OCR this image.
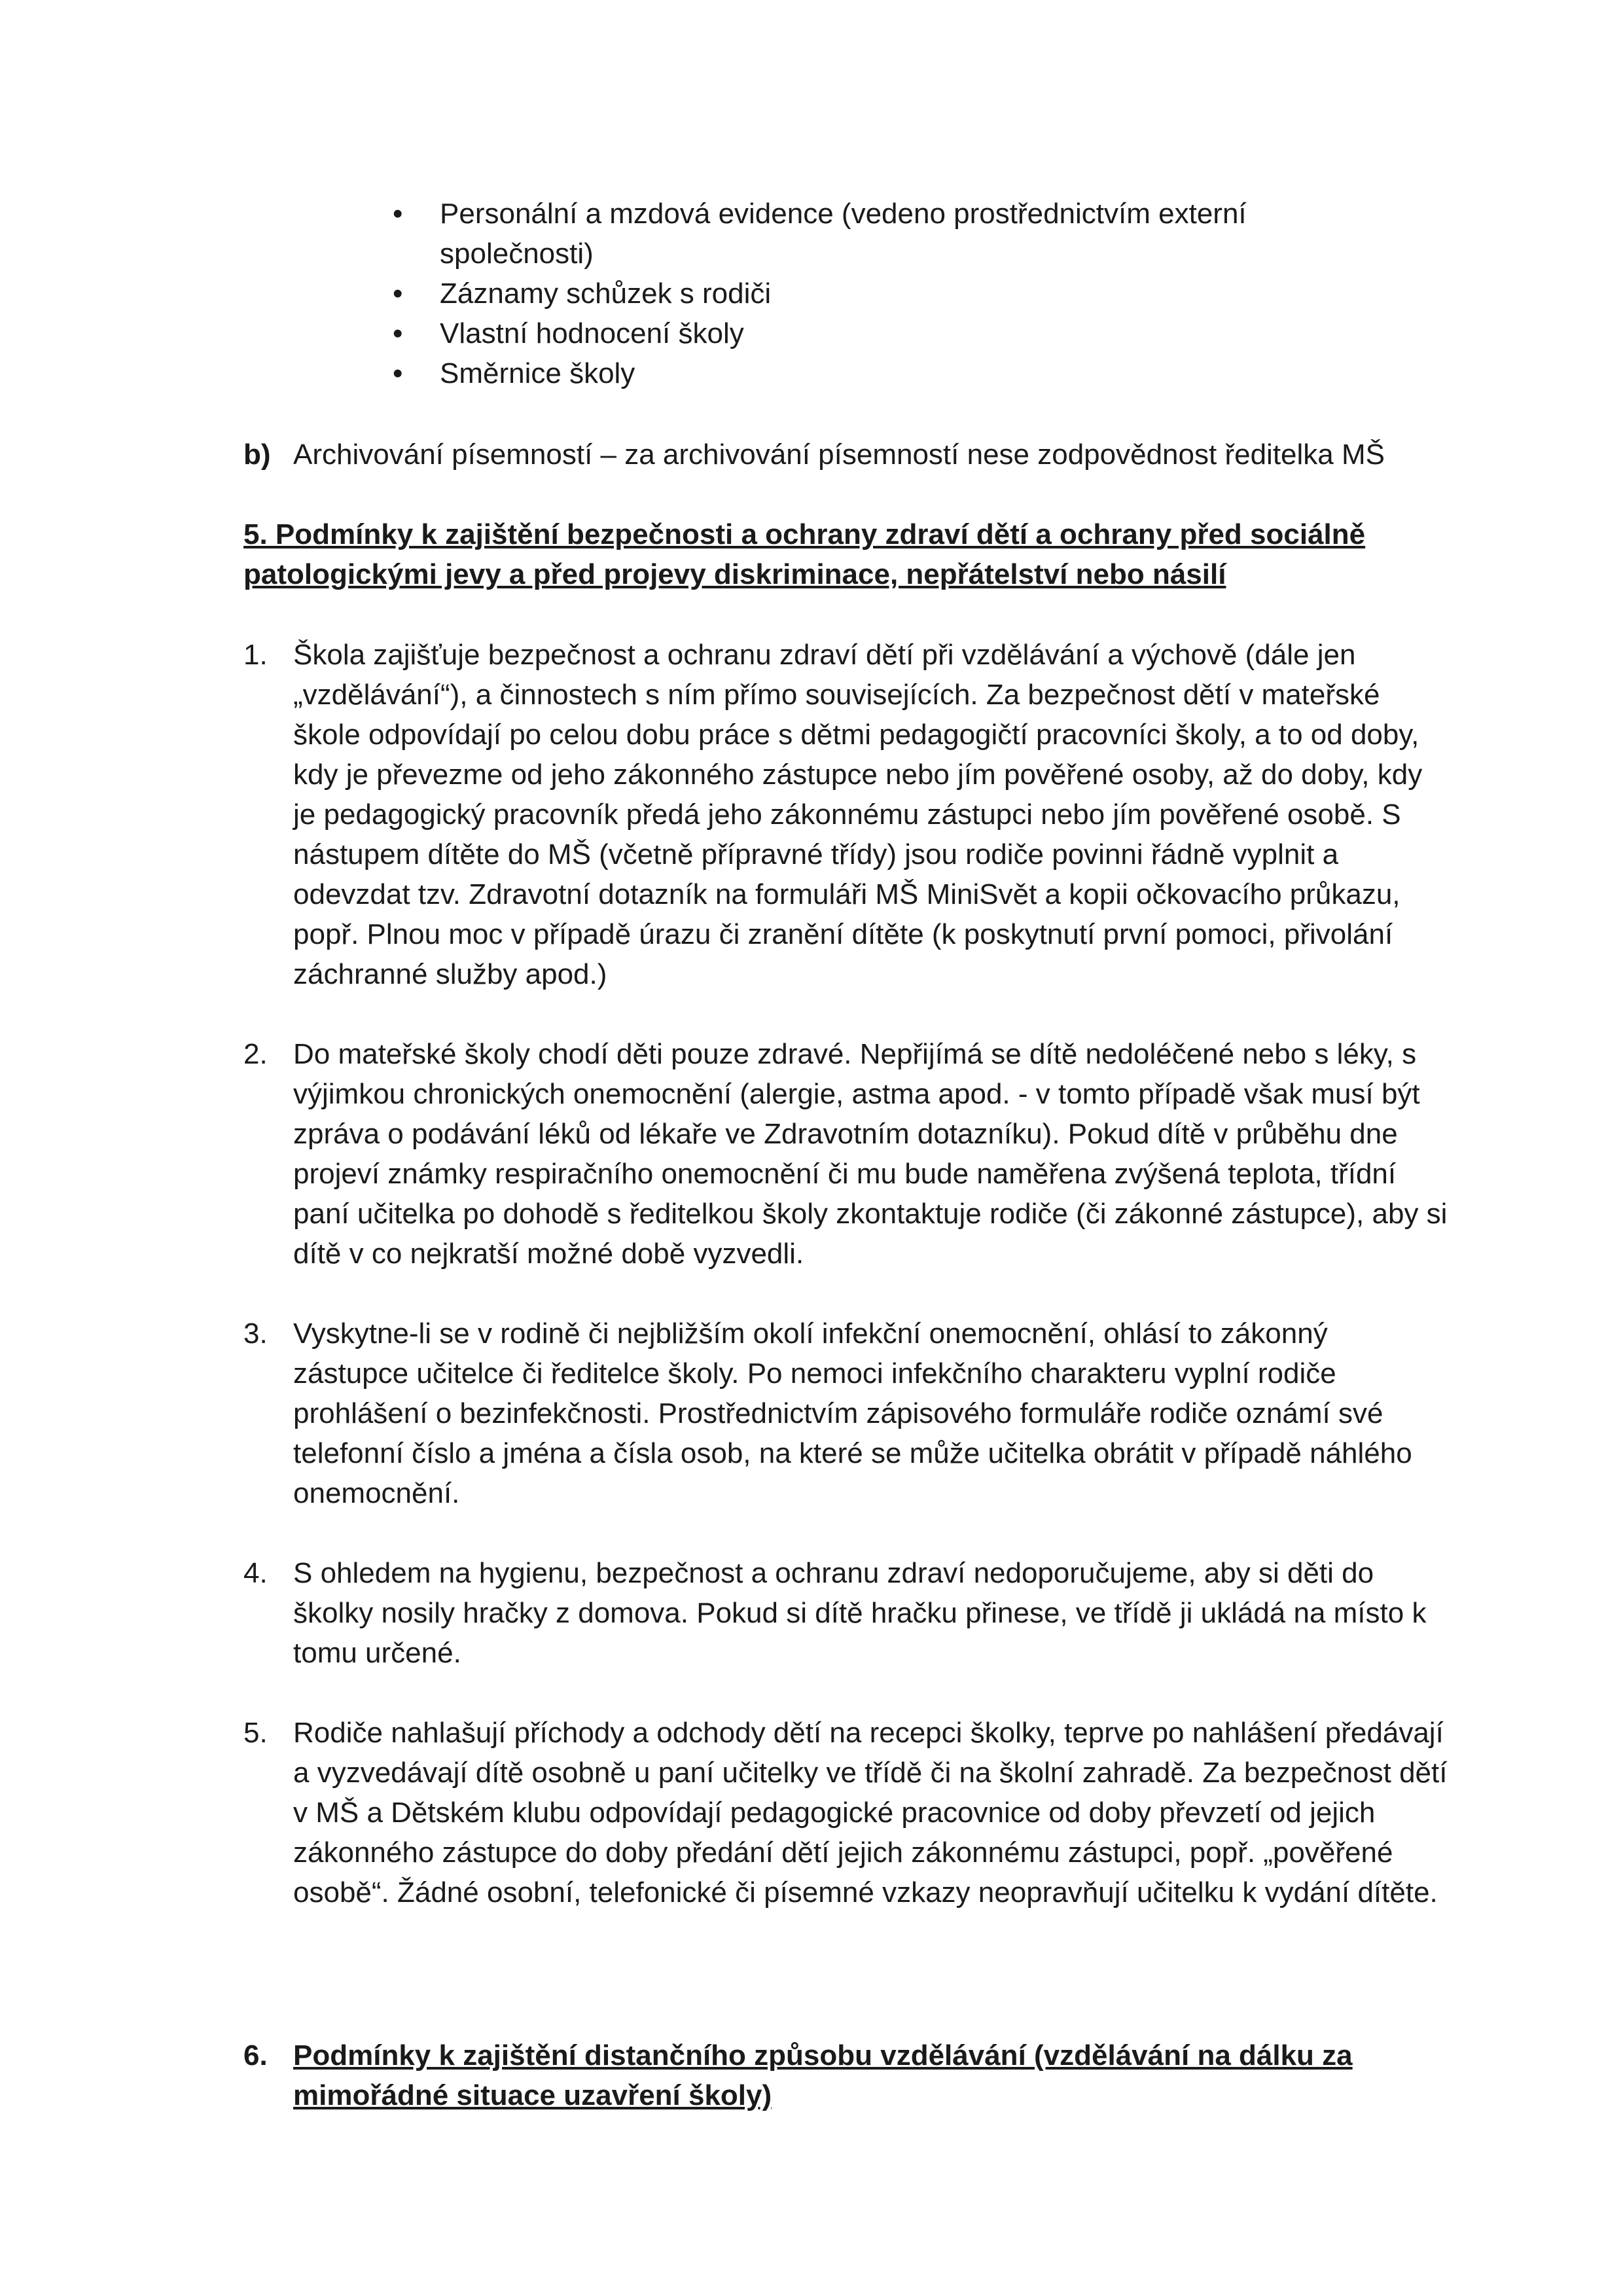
•	Personální a mzdová evidence (vedeno prostřednictvím externí společnosti)
•	Záznamy schůzek s rodiči
•	Vlastní hodnocení školy
•	Směrnice školy
b) Archivování písemností – za archivování písemností nese zodpovědnost ředitelka MŠ
5. Podmínky k zajištění bezpečnosti a ochrany zdraví dětí a ochrany před sociálně patologickými jevy a před projevy diskriminace, nepřátelství nebo násilí
1. Škola zajišťuje bezpečnost a ochranu zdraví dětí při vzdělávání a výchově (dále jen „vzdělávání“), a činnostech s ním přímo souvisejících. Za bezpečnost dětí v mateřské škole odpovídají po celou dobu práce s dětmi pedagogičtí pracovníci školy, a to od doby, kdy je převezme od jeho zákonného zástupce nebo jím pověřené osoby, až do doby, kdy je pedagogický pracovník předá jeho zákonnému zástupci nebo jím pověřené osobě. S nástupem dítěte do MŠ (včetně přípravné třídy) jsou rodiče povinni řádně vyplnit a odevzdat tzv. Zdravotní dotazník na formuláři MŠ MiniSvět a kopii očkovacího průkazu, popř. Plnou moc v případě úrazu či zranění dítěte (k poskytnutí první pomoci, přivolání záchranné služby apod.)
2. Do mateřské školy chodí děti pouze zdravé. Nepřijímá se dítě nedoléčené nebo s léky, s výjimkou chronických onemocnění (alergie, astma apod. - v tomto případě však musí být zpráva o podávání léků od lékaře ve Zdravotním dotazníku). Pokud dítě v průběhu dne projeví známky respiračního onemocnění či mu bude naměřena zvýšená teplota, třídní paní učitelka po dohodě s ředitelkou školy zkontaktuje rodiče (či zákonné zástupce), aby si dítě v co nejkratší možné době vyzvedli.
3. Vyskytne-li se v rodině či nejbližším okolí infekční onemocnění, ohlásí to zákonný zástupce učitelce či ředitelce školy. Po nemoci infekčního charakteru vyplní rodiče prohlášení o bezinfekčnosti. Prostřednictvím zápisového formuláře rodiče oznámí své telefonní číslo a jména a čísla osob, na které se může učitelka obrátit v případě náhlého onemocnění.
4. S ohledem na hygienu, bezpečnost a ochranu zdraví nedoporučujeme, aby si děti do školky nosily hračky z domova. Pokud si dítě hračku přinese, ve třídě ji ukládá na místo k tomu určené.
5. Rodiče nahlašují příchody a odchody dětí na recepci školky, teprve po nahlášení předávají a vyzvedávají dítě osobně u paní učitelky ve třídě či na školní zahradě. Za bezpečnost dětí v MŠ a Dětském klubu odpovídají pedagogické pracovnice od doby převzetí od jejich zákonného zástupce do doby předání dětí jejich zákonnému zástupci, popř. „pověřené osobě“. Žádné osobní, telefonické či písemné vzkazy neopravňují učitelku k vydání dítěte.
6. Podmínky k zajištění distančního způsobu vzdělávání (vzdělávání na dálku za mimořádné situace uzavření školy)
